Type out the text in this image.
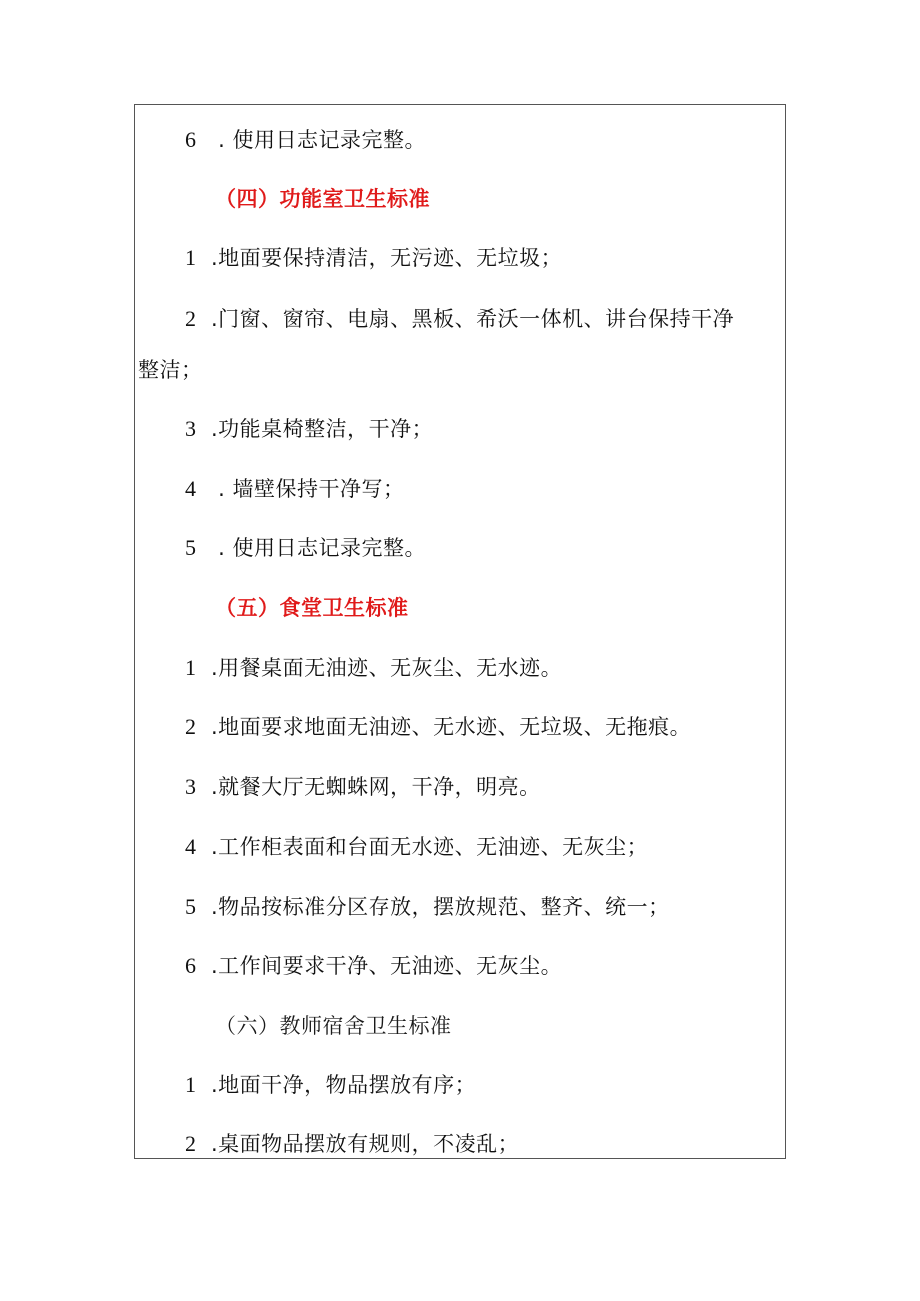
6 . 使用日志记录完整。
（四）功能室卫生标准
1 .地面要保持清洁，无污迹、无垃圾；
2 .门窗、窗帘、电扇、黑板、希沃一体机、讲台保持干净
整洁；
3 .功能桌椅整洁，干净；
4 . 墙壁保持干净写；
5 . 使用日志记录完整。
（五）食堂卫生标准
1 .用餐桌面无油迹、无灰尘、无水迹。
2 .地面要求地面无油迹、无水迹、无垃圾、无拖痕。
3 .就餐大厅无蜘蛛网，干净，明亮。
4 .工作柜表面和台面无水迹、无油迹、无灰尘；
5 .物品按标准分区存放，摆放规范、整齐、统一；
6 .工作间要求干净、无油迹、无灰尘。
（六）教师宿舍卫生标准
1 .地面干净，物品摆放有序；
2 .桌面物品摆放有规则，不凌乱；
